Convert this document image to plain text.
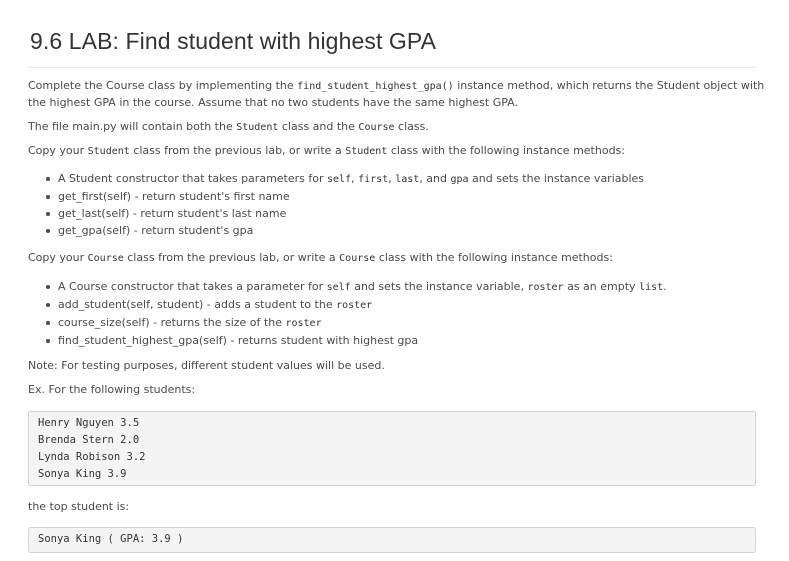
9.6 LAB: Find student with highest GPA

Complete the Course class by implementing the find_student_highest_gpa() instance method, which returns the Student object with

the highest GPA in the course. Assume that no two students have the same highest GPA.

The file main.py will contain both the Student class and the Course class.

Copy your Student class from the previous lab, or write a Student class with the following instance methods:

A Student constructor that takes parameters for self, first, last, and gpa and sets the instance variables
get_first(self) - return student's first name
get_last(self) - return student's last name
get_gpa(self) - return student's gpa

Copy your Course class from the previous lab, or write a Course class with the following instance methods:

A Course constructor that takes a parameter for self and sets the instance variable, roster as an empty list.
add_student(self, student) - adds a student to the roster
course_size(self) - returns the size of the roster
find_student_highest_gpa(self) - returns student with highest gpa

Note: For testing purposes, different student values will be used.

Ex. For the following students:

Henry Nguyen 3.5
Brenda Stern 2.0
Lynda Robison 3.2
Sonya King 3.9

the top student is:

Sonya King ( GPA: 3.9 )
